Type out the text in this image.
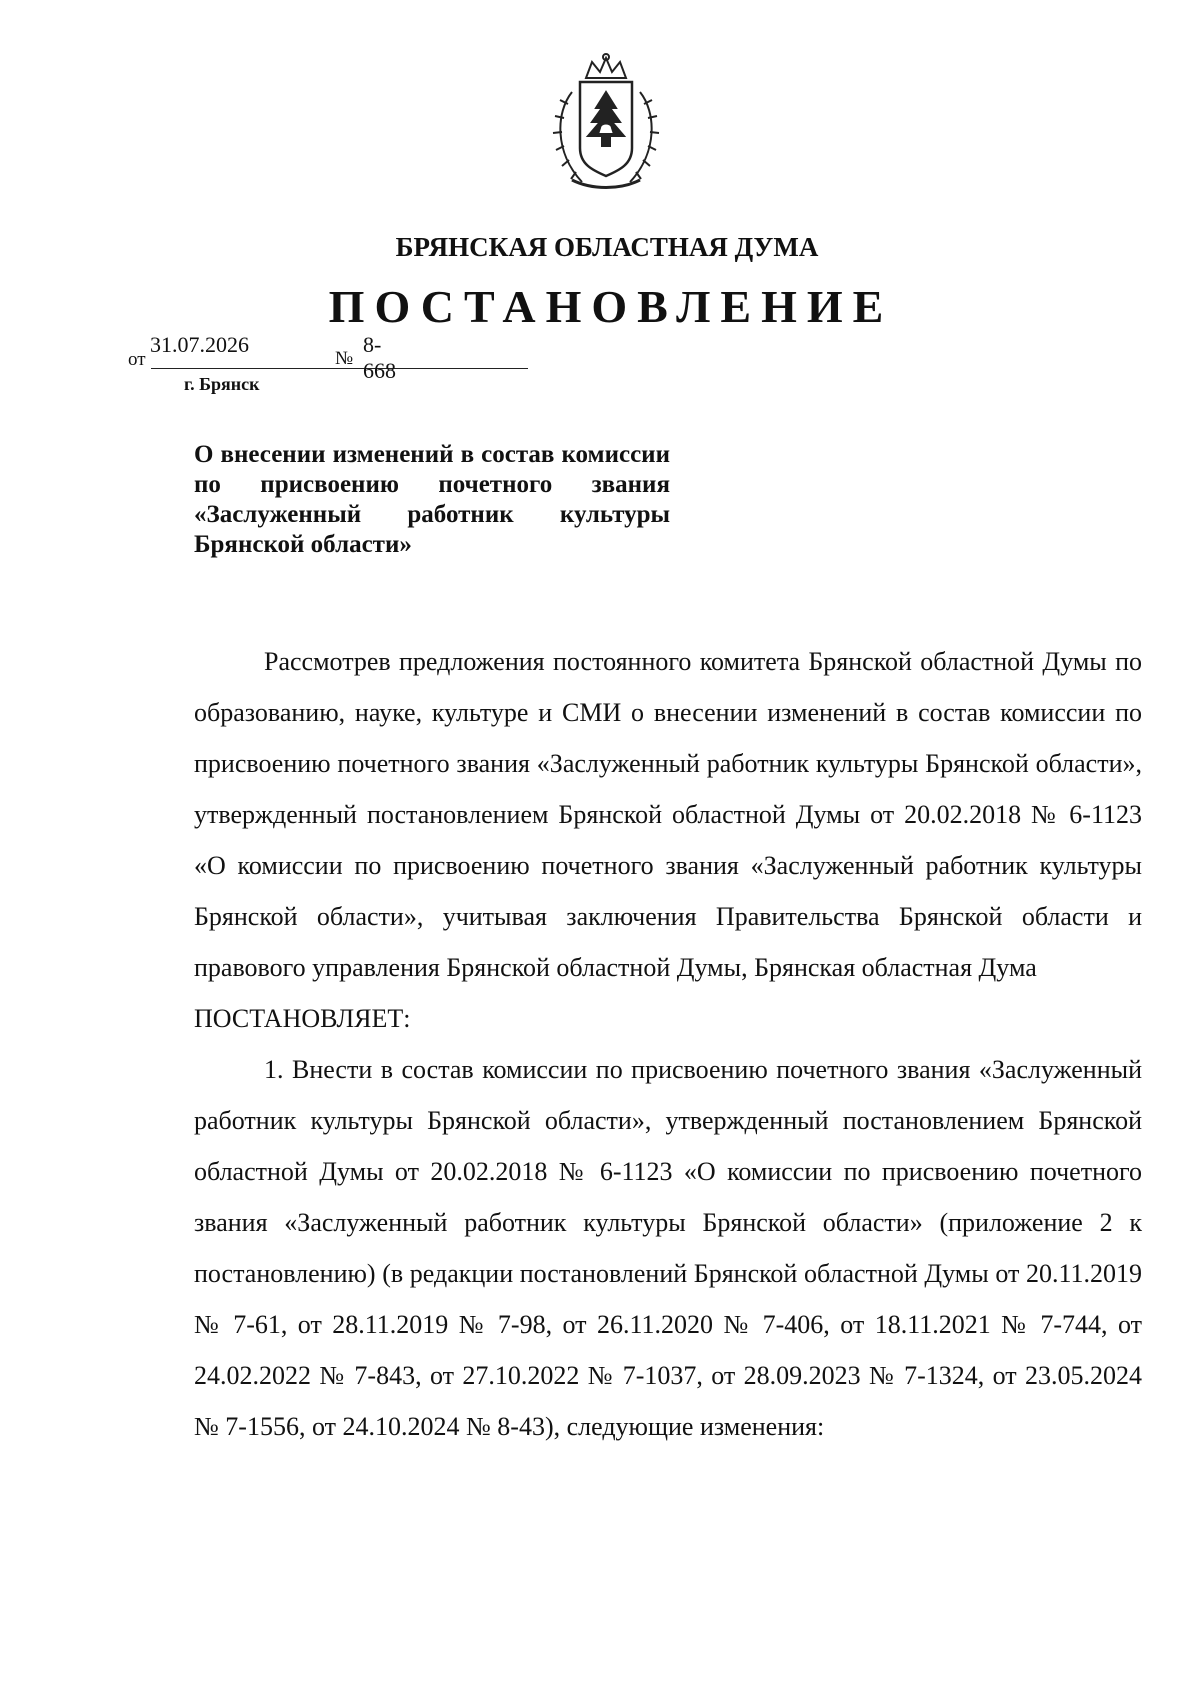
БРЯНСКАЯ ОБЛАСТНАЯ ДУМА
ПОСТАНОВЛЕНИЕ
от
31.07.2026
№
8-668
г. Брянск
О внесении изменений в состав комиссии по присвоению почетного звания «Заслуженный работник культуры Брянской области»

Рассмотрев предложения постоянного комитета Брянской областной Думы по образованию, науке, культуре и СМИ о внесении изменений в состав комиссии по присвоению почетного звания «Заслуженный работник культуры Брянской области», утвержденный постановлением Брянской областной Думы от 20.02.2018 № 6-1123 «О комиссии по присвоению почетного звания «Заслуженный работник культуры Брянской области», учитывая заключения Правительства Брянской области и правового управления Брянской областной Думы, Брянская областная Дума

ПОСТАНОВЛЯЕТ:

1. Внести в состав комиссии по присвоению почетного звания «Заслуженный работник культуры Брянской области», утвержденный постановлением Брянской областной Думы от 20.02.2018 № 6-1123 «О комиссии по присвоению почетного звания «Заслуженный работник культуры Брянской области» (приложение 2 к постановлению) (в редакции постановлений Брянской областной Думы от 20.11.2019 № 7-61, от 28.11.2019 № 7-98, от 26.11.2020 № 7-406, от 18.11.2021 № 7-744, от 24.02.2022 № 7-843, от 27.10.2022 № 7-1037, от 28.09.2023 № 7-1324, от 23.05.2024 № 7-1556, от 24.10.2024 № 8-43), следующие изменения:
